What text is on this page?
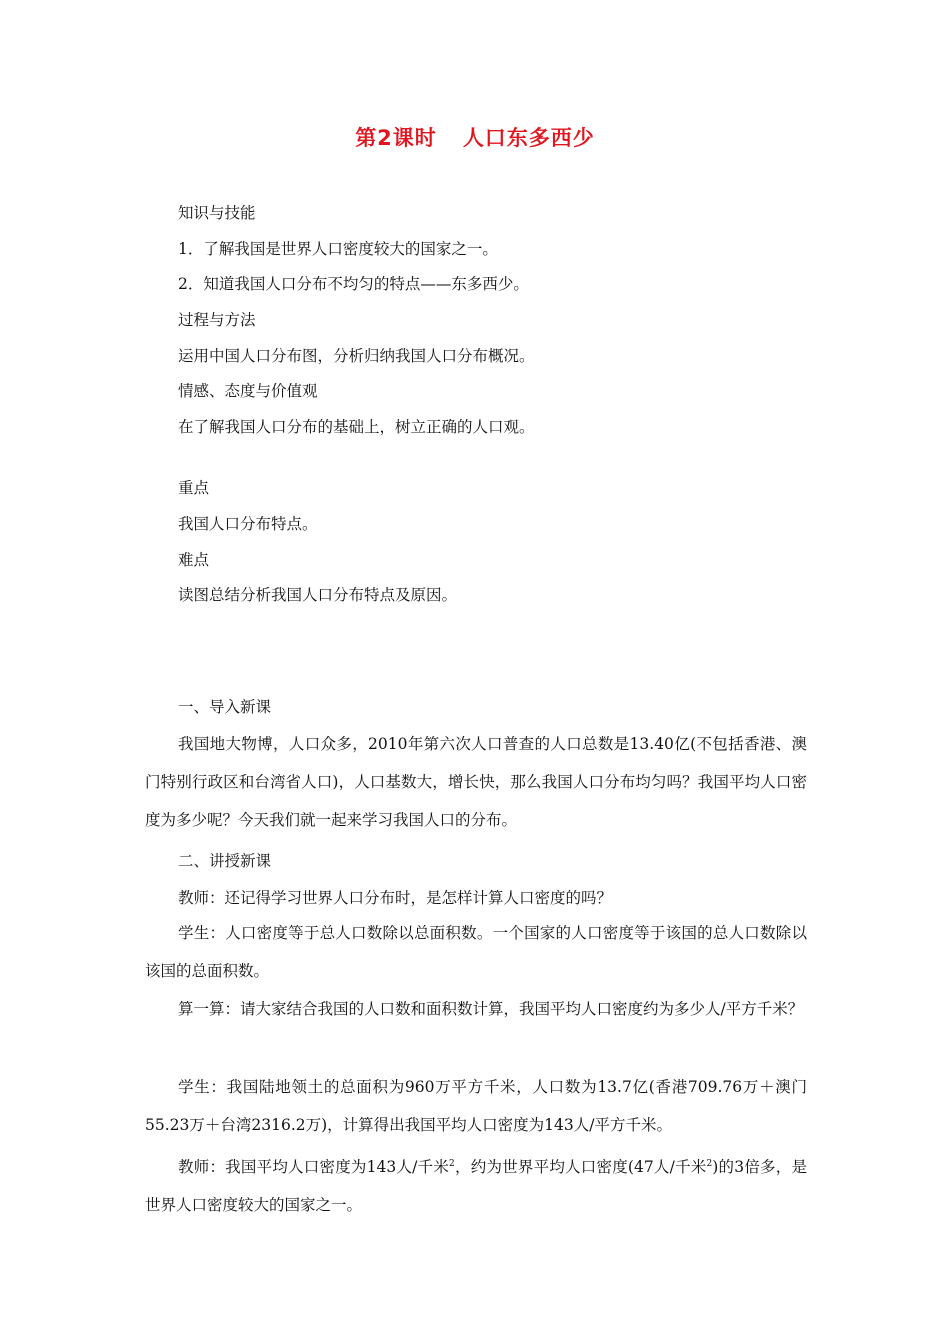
第2课时 人口东多西少

知识与技能

1．了解我国是世界人口密度较大的国家之一。

2．知道我国人口分布不均匀的特点——东多西少。

过程与方法

运用中国人口分布图，分析归纳我国人口分布概况。

情感、态度与价值观

在了解我国人口分布的基础上，树立正确的人口观。

重点

我国人口分布特点。

难点

读图总结分析我国人口分布特点及原因。

一、导入新课

我国地大物博，人口众多，2010年第六次人口普查的人口总数是13.40亿(不包括香港、澳门特别行政区和台湾省人口)，人口基数大，增长快，那么我国人口分布均匀吗？我国平均人口密度为多少呢？今天我们就一起来学习我国人口的分布。

二、讲授新课

教师：还记得学习世界人口分布时，是怎样计算人口密度的吗？

学生：人口密度等于总人口数除以总面积数。一个国家的人口密度等于该国的总人口数除以该国的总面积数。

算一算：请大家结合我国的人口数和面积数计算，我国平均人口密度约为多少人/平方千米？

学生：我国陆地领土的总面积为960万平方千米，人口数为13.7亿(香港709.76万＋澳门55.23万＋台湾2316.2万)，计算得出我国平均人口密度为143人/平方千米。

教师：我国平均人口密度为143人/千米$^2$，约为世界平均人口密度(47人/千米$^2$)的3倍多，是世界人口密度较大的国家之一。
